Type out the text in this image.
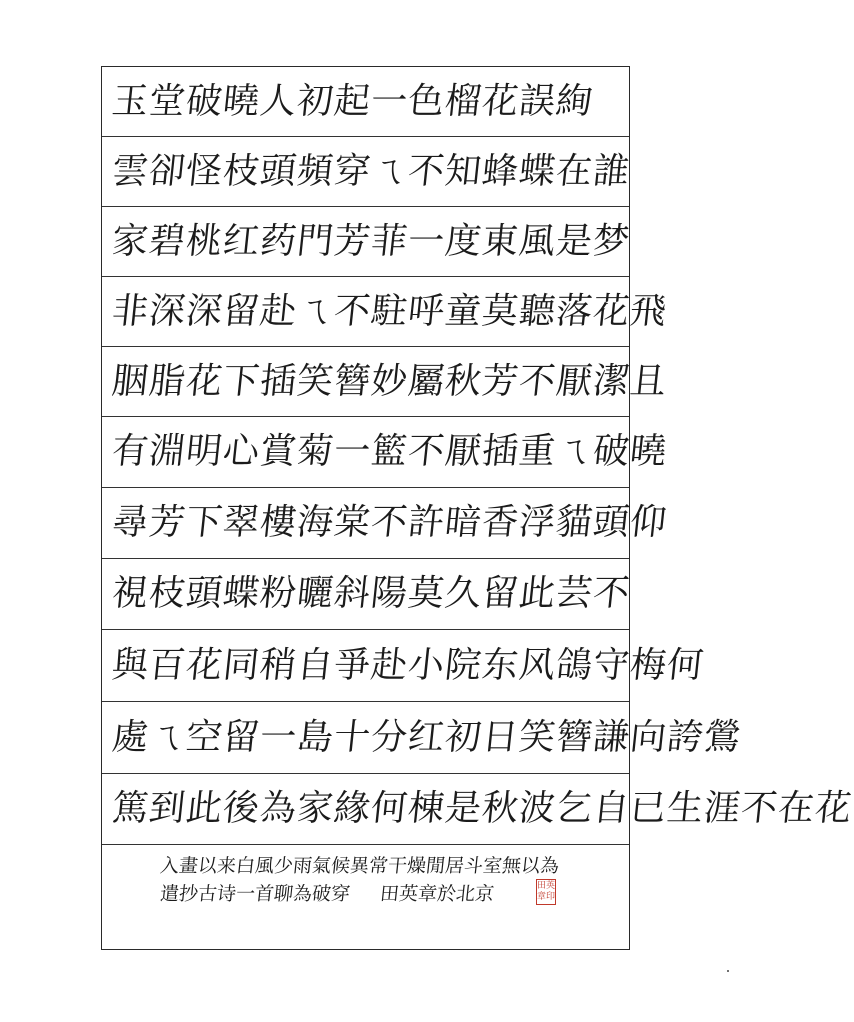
玉堂破曉人初起一色榴花誤絢
雲卻怪枝頭頻穿ㄟ不知蜂蝶在誰
家碧桃红药門芳菲一度東風是梦
非深深留赴ㄟ不駐呼童莫聽落花飛
胭脂花下插笑簪妙屬秋芳不厭潔且
有淵明心賞菊一籃不厭插重ㄟ破曉
尋芳下翠樓海棠不許暗香浮貓頭仰
視枝頭蝶粉曬斜陽莫久留此芸不
與百花同稍自爭赴小院东风鴿守梅何
處ㄟ空留一島十分红初日笑簪謙向誇鶯
篤到此後為家緣何棟是秋波乞自已生涯不在花
入畫以来白風少雨氣候異常干燥閒居斗室無以為
遣抄古诗一首聊為破穿 田英章於北京	田英章印
